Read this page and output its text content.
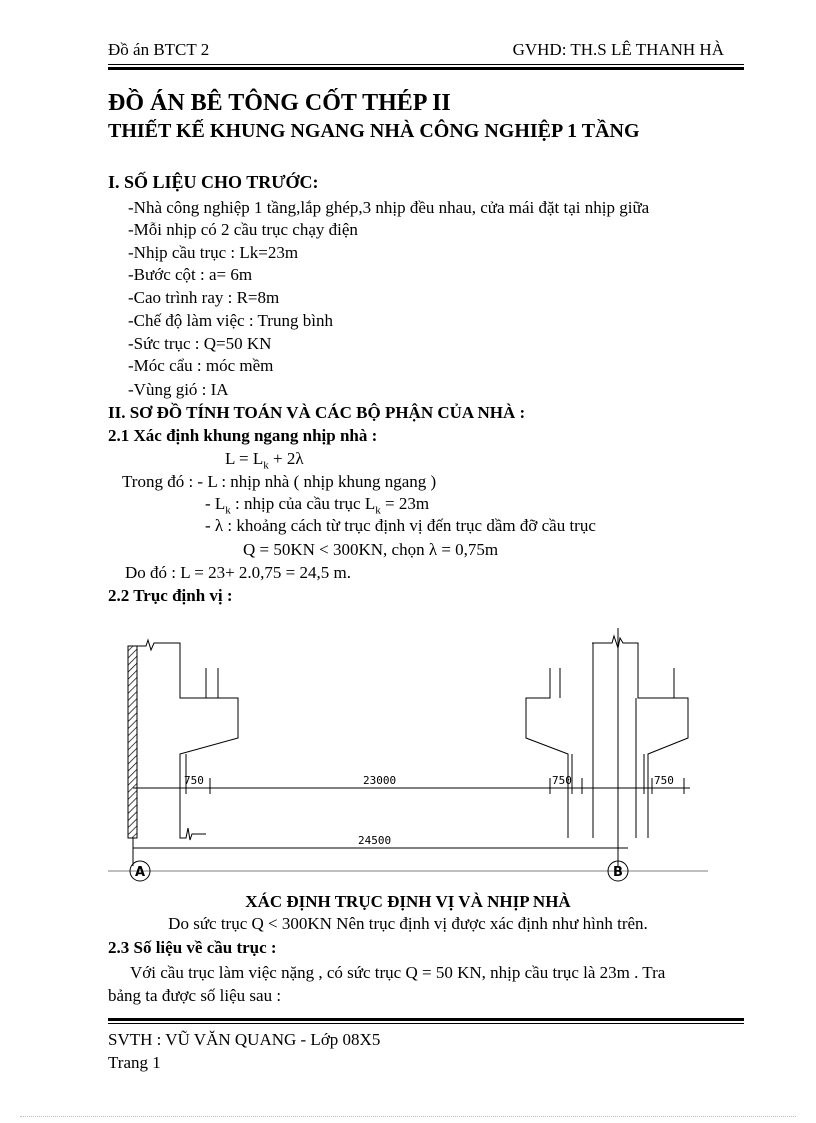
Đồ án BTCT 2	GVHD: TH.S LÊ THANH HÀ
ĐỒ ÁN BÊ TÔNG CỐT THÉP II
THIẾT KẾ KHUNG NGANG NHÀ CÔNG NGHIỆP 1 TẦNG
I. SỐ LIỆU CHO TRƯỚC:
-Nhà công nghiệp 1 tầng,lắp ghép,3 nhịp đều nhau, cửa mái đặt tại nhịp giữa
-Mỗi nhịp có 2 cầu trục chạy điện
-Nhịp cầu trục : Lk=23m
-Bước cột : a= 6m
-Cao trình ray : R=8m
-Chế độ làm việc : Trung bình
-Sức trục : Q=50 KN
-Móc cẩu : móc mềm
-Vùng gió : IA
II. SƠ ĐỒ TÍNH TOÁN VÀ CÁC BỘ PHẬN CỦA NHÀ :
2.1 Xác định khung ngang nhịp nhà :
$L = L_k + 2\lambda$
Trong đó : - L : nhịp nhà ( nhịp khung ngang )
- $L_k$ : nhịp của cầu trục $L_k = 23m$
- λ : khoảng cách từ trục định vị đến trục dầm đỡ cầu trục
Q = 50KN < 300KN, chọn λ = 0,75m
Do đó : L = 23+ 2.0,75 = 24,5 m.
2.2 Trục định vị :
750	23000	750	750
24500
A	B
XÁC ĐỊNH TRỤC ĐỊNH VỊ VÀ NHỊP NHÀ
Do sức trục Q < 300KN Nên trục định vị được xác định như hình trên.
2.3 Số liệu về cầu trục :
Với cầu trục làm việc nặng , có sức trục Q = 50 KN, nhịp cầu trục là 23m . Tra
bảng ta được số liệu sau :
SVTH : VŨ VĂN QUANG - Lớp 08X5
Trang 1
